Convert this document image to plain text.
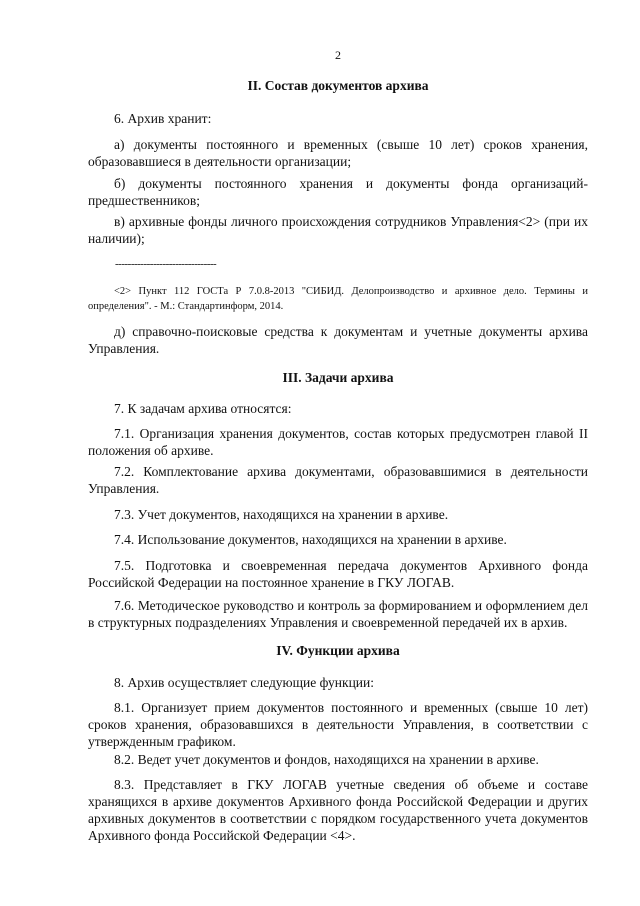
2
II. Состав документов архива

6. Архив хранит:

а) документы постоянного и временных (свыше 10 лет) сроков хранения, образовавшиеся в деятельности организации;

б) документы постоянного хранения и документы фонда организаций-предшественников;

в) архивные фонды личного происхождения сотрудников Управления<2> (при их наличии);

--------------------------------

<2> Пункт 112 ГОСТа Р 7.0.8-2013 "СИБИД. Делопроизводство и архивное дело. Термины и определения". - М.: Стандартинформ, 2014.

д) справочно-поисковые средства к документам и учетные документы архива Управления.

III. Задачи архива

7. К задачам архива относятся:

7.1. Организация хранения документов, состав которых предусмотрен главой II положения об архиве.

7.2. Комплектование архива документами, образовавшимися в деятельности Управления.

7.3. Учет документов, находящихся на хранении в архиве.

7.4. Использование документов, находящихся на хранении в архиве.

7.5. Подготовка и своевременная передача документов Архивного фонда Российской Федерации на постоянное хранение в ГКУ ЛОГАВ.

7.6. Методическое руководство и контроль за формированием и оформлением дел в структурных подразделениях Управления и своевременной передачей их в архив.

IV. Функции архива

8. Архив осуществляет следующие функции:

8.1. Организует прием документов постоянного и временных (свыше 10 лет) сроков хранения, образовавшихся в деятельности Управления, в соответствии с утвержденным графиком.

8.2. Ведет учет документов и фондов, находящихся на хранении в архиве.

8.3. Представляет в ГКУ ЛОГАВ учетные сведения об объеме и составе хранящихся в архиве документов Архивного фонда Российской Федерации и других архивных документов в соответствии с порядком государственного учета документов Архивного фонда Российской Федерации <4>.
